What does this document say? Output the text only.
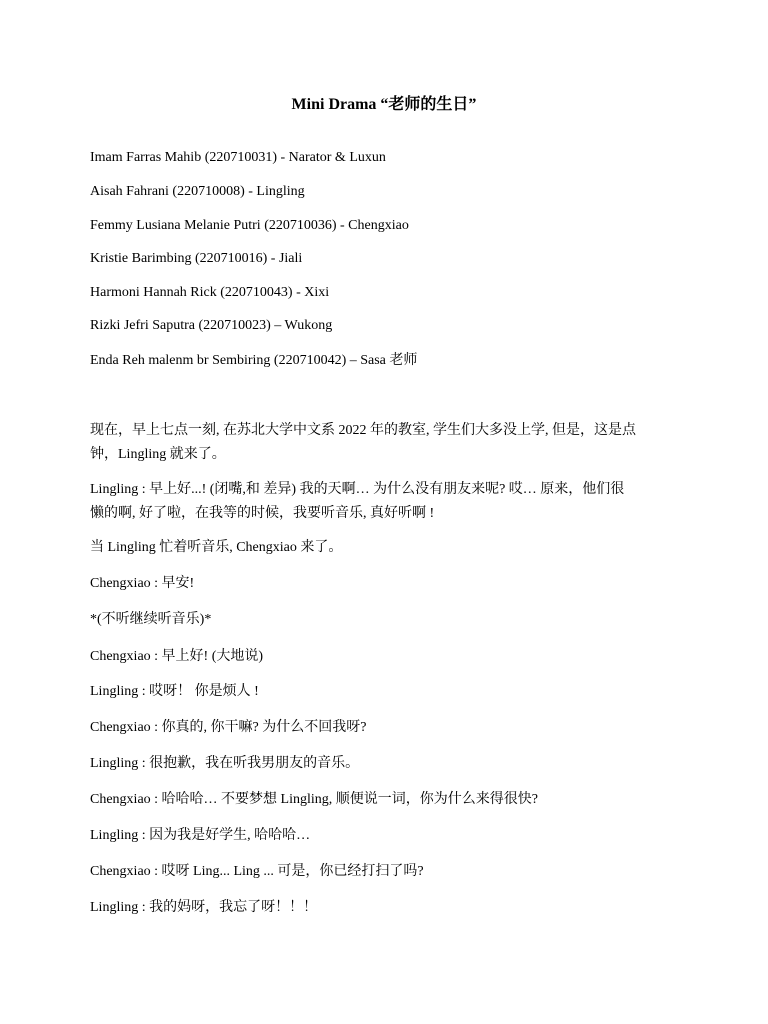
Mini Drama “老师的生日”

Imam Farras Mahib (220710031) - Narator & Luxun

Aisah Fahrani (220710008) - Lingling

Femmy Lusiana Melanie Putri (220710036) - Chengxiao

Kristie Barimbing (220710016) - Jiali

Harmoni Hannah Rick (220710043) - Xixi

Rizki Jefri Saputra (220710023) – Wukong

Enda Reh malenm br Sembiring (220710042) – Sasa 老师

现在，早上七点一刻, 在苏北大学中文系 2022 年的教室, 学生们大多没上学, 但是，这是点
钟，Lingling 就来了。
Lingling : 早上好...! (闭嘴,和 差异) 我的天啊… 为什么没有朋友来呢? 哎… 原来，他们很
懒的啊, 好了啦，在我等的时候，我要听音乐, 真好听啊 !

当 Lingling 忙着听音乐, Chengxiao 来了。

Chengxiao : 早安!

*(不听继续听音乐)*

Chengxiao : 早上好! (大地说)

Lingling : 哎呀！ 你是烦人 !

Chengxiao : 你真的, 你干嘛? 为什么不回我呀?

Lingling : 很抱歉，我在听我男朋友的音乐。

Chengxiao : 哈哈哈… 不要梦想 Lingling, 顺便说一词，你为什么来得很快?

Lingling : 因为我是好学生, 哈哈哈…

Chengxiao : 哎呀 Ling... Ling ... 可是，你已经打扫了吗?

Lingling : 我的妈呀，我忘了呀！！！
